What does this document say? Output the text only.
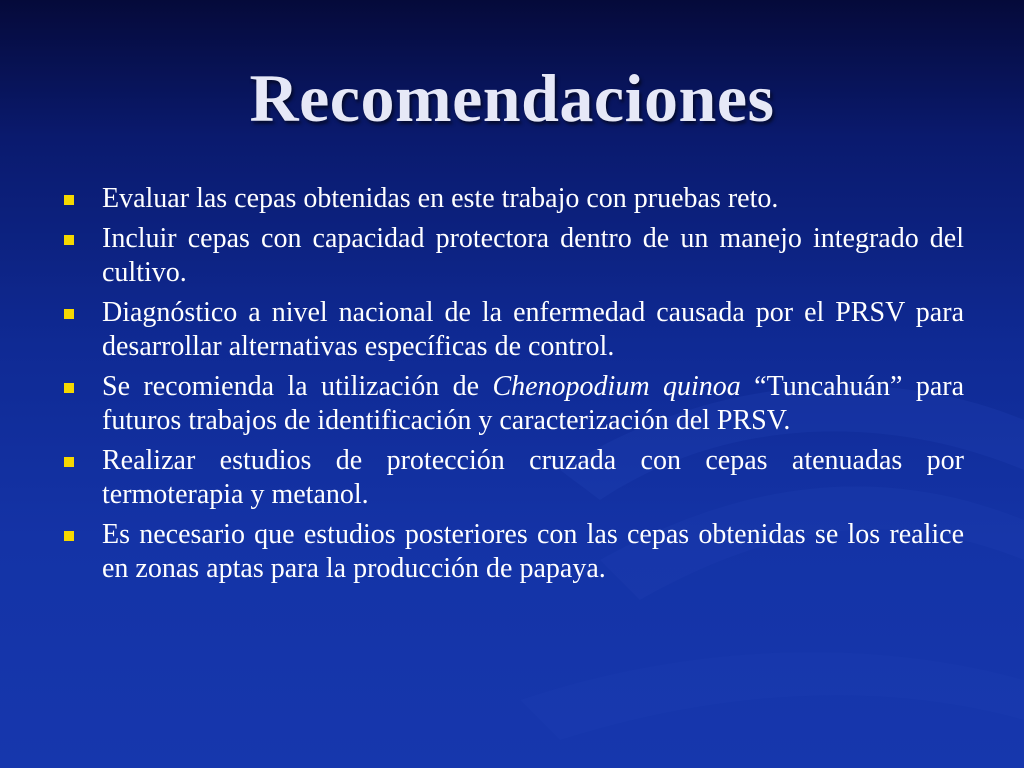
Recomendaciones
Evaluar las cepas obtenidas en este trabajo con pruebas reto.
Incluir cepas con capacidad protectora dentro de un manejo integrado del cultivo.
Diagnóstico a nivel nacional de la enfermedad causada por el PRSV para desarrollar alternativas específicas de control.
Se recomienda la utilización de Chenopodium quinoa “Tuncahuán” para futuros trabajos de identificación y caracterización del PRSV.
Realizar estudios de protección cruzada con cepas atenuadas por termoterapia y metanol.
Es necesario que estudios posteriores con las cepas obtenidas se los realice en zonas aptas para la producción de papaya.
